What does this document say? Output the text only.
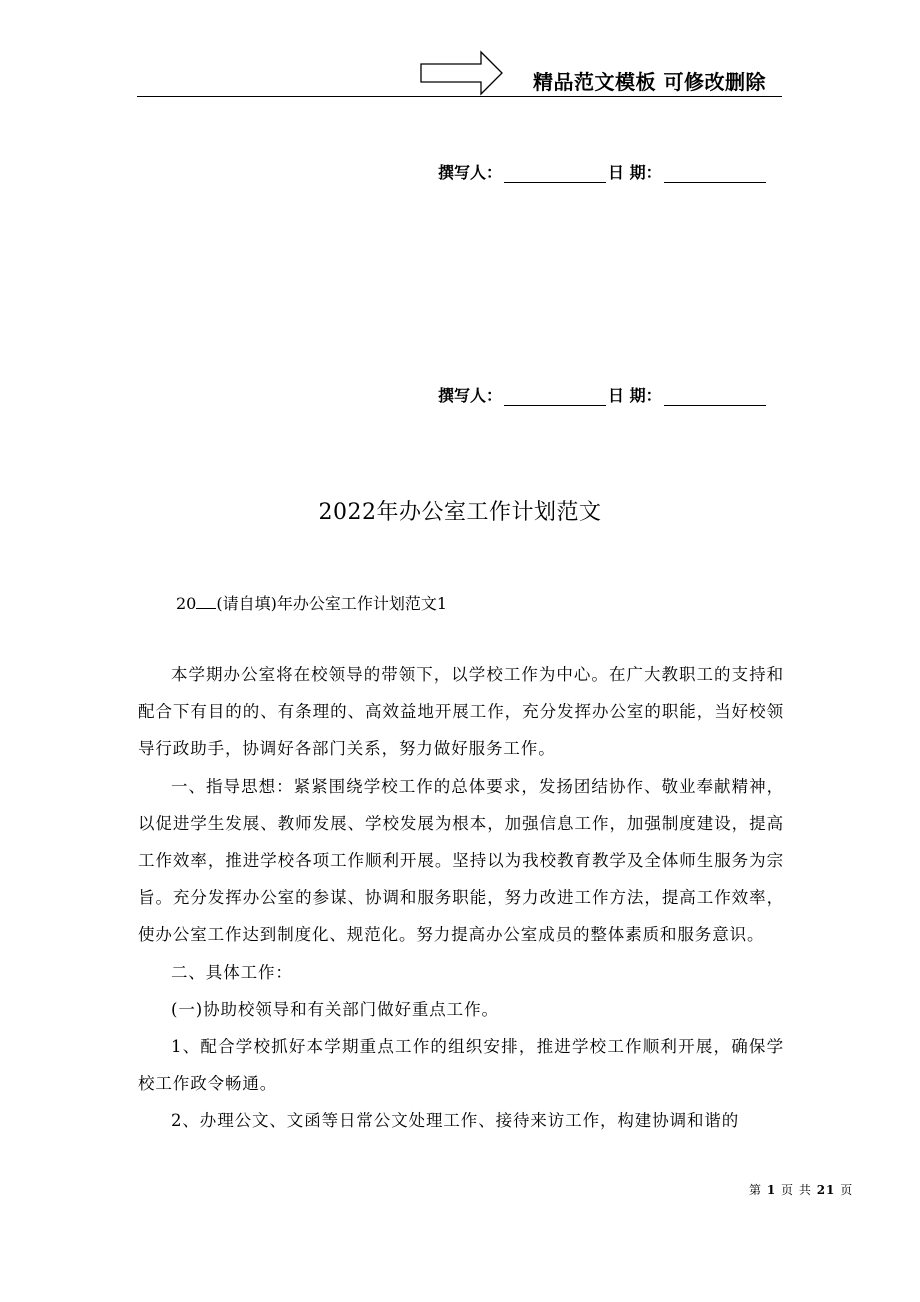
精品范文模板 可修改删除
撰写人：	日 期：
撰写人：	日 期：
2022年办公室工作计划范文
20 (请自填)年办公室工作计划范文1

本学期办公室将在校领导的带领下，以学校工作为中心。在广大教职工的支持和配合下有目的的、有条理的、高效益地开展工作，充分发挥办公室的职能，当好校领导行政助手，协调好各部门关系，努力做好服务工作。

一、指导思想：紧紧围绕学校工作的总体要求，发扬团结协作、敬业奉献精神，以促进学生发展、教师发展、学校发展为根本，加强信息工作，加强制度建设，提高工作效率，推进学校各项工作顺利开展。坚持以为我校教育教学及全体师生服务为宗旨。充分发挥办公室的参谋、协调和服务职能，努力改进工作方法，提高工作效率，使办公室工作达到制度化、规范化。努力提高办公室成员的整体素质和服务意识。

二、具体工作：

(一)协助校领导和有关部门做好重点工作。

1、配合学校抓好本学期重点工作的组织安排，推进学校工作顺利开展，确保学校工作政令畅通。

2、办理公文、文函等日常公文处理工作、接待来访工作，构建协调和谐的

第 1 页 共 21 页
